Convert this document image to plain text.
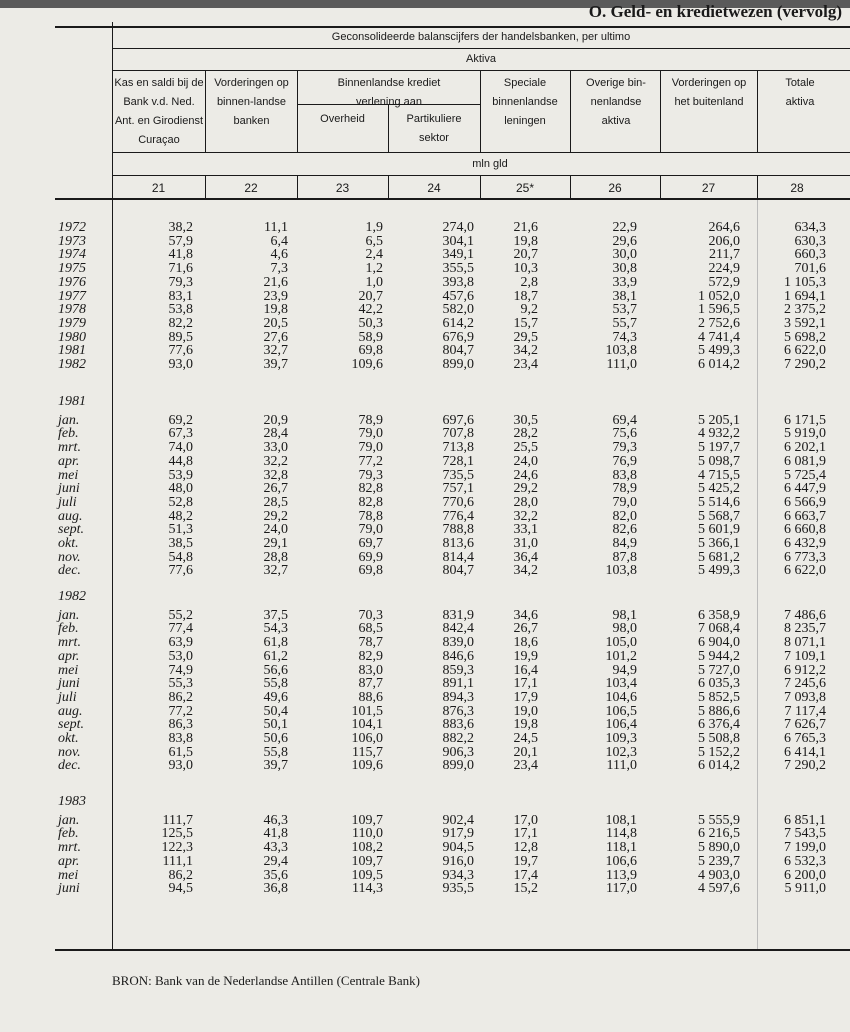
O. Geld- en kredietwezen (vervolg)
Geconsolideerde balanscijfers der handelsbanken, per ultimo
Aktiva
Kas en saldi bij de Bank v.d. Ned. Ant. en Girodienst Curaçao
Vorderingen op binnen-landse banken
Binnenlandse krediet verlening aan
Overheid	Partikuliere sektor
Speciale binnenlandse leningen
Overige bin-nenlandse aktiva
Vorderingen op het buitenland
Totale aktiva
mln gld
21	22	23	24	25*	26	27	28
1972	38,2	11,1	1,9	274,0	21,6	22,9	264,6	634,3
1973	57,9	6,4	6,5	304,1	19,8	29,6	206,0	630,3
1974	41,8	4,6	2,4	349,1	20,7	30,0	211,7	660,3
1975	71,6	7,3	1,2	355,5	10,3	30,8	224,9	701,6
1976	79,3	21,6	1,0	393,8	2,8	33,9	572,9	1 105,3
1977	83,1	23,9	20,7	457,6	18,7	38,1	1 052,0	1 694,1
1978	53,8	19,8	42,2	582,0	9,2	53,7	1 596,5	2 375,2
1979	82,2	20,5	50,3	614,2	15,7	55,7	2 752,6	3 592,1
1980	89,5	27,6	58,9	676,9	29,5	74,3	4 741,4	5 698,2
1981	77,6	32,7	69,8	804,7	34,2	103,8	5 499,3	6 622,0
1982	93,0	39,7	109,6	899,0	23,4	111,0	6 014,2	7 290,2
1981
jan.	69,2	20,9	78,9	697,6	30,5	69,4	5 205,1	6 171,5
feb.	67,3	28,4	79,0	707,8	28,2	75,6	4 932,2	5 919,0
mrt.	74,0	33,0	79,0	713,8	25,5	79,3	5 197,7	6 202,1
apr.	44,8	32,2	77,2	728,1	24,0	76,9	5 098,7	6 081,9
mei	53,9	32,8	79,3	735,5	24,6	83,8	4 715,5	5 725,4
juni	48,0	26,7	82,8	757,1	29,2	78,9	5 425,2	6 447,9
juli	52,8	28,5	82,8	770,6	28,0	79,0	5 514,6	6 566,9
aug.	48,2	29,2	78,8	776,4	32,2	82,0	5 568,7	6 663,7
sept.	51,3	24,0	79,0	788,8	33,1	82,6	5 601,9	6 660,8
okt.	38,5	29,1	69,7	813,6	31,0	84,9	5 366,1	6 432,9
nov.	54,8	28,8	69,9	814,4	36,4	87,8	5 681,2	6 773,3
dec.	77,6	32,7	69,8	804,7	34,2	103,8	5 499,3	6 622,0
1982
jan.	55,2	37,5	70,3	831,9	34,6	98,1	6 358,9	7 486,6
feb.	77,4	54,3	68,5	842,4	26,7	98,0	7 068,4	8 235,7
mrt.	63,9	61,8	78,7	839,0	18,6	105,0	6 904,0	8 071,1
apr.	53,0	61,2	82,9	846,6	19,9	101,2	5 944,2	7 109,1
mei	74,9	56,6	83,0	859,3	16,4	94,9	5 727,0	6 912,2
juni	55,3	55,8	87,7	891,1	17,1	103,4	6 035,3	7 245,6
juli	86,2	49,6	88,6	894,3	17,9	104,6	5 852,5	7 093,8
aug.	77,2	50,4	101,5	876,3	19,0	106,5	5 886,6	7 117,4
sept.	86,3	50,1	104,1	883,6	19,8	106,4	6 376,4	7 626,7
okt.	83,8	50,6	106,0	882,2	24,5	109,3	5 508,8	6 765,3
nov.	61,5	55,8	115,7	906,3	20,1	102,3	5 152,2	6 414,1
dec.	93,0	39,7	109,6	899,0	23,4	111,0	6 014,2	7 290,2
1983
jan.	111,7	46,3	109,7	902,4	17,0	108,1	5 555,9	6 851,1
feb.	125,5	41,8	110,0	917,9	17,1	114,8	6 216,5	7 543,5
mrt.	122,3	43,3	108,2	904,5	12,8	118,1	5 890,0	7 199,0
apr.	111,1	29,4	109,7	916,0	19,7	106,6	5 239,7	6 532,3
mei	86,2	35,6	109,5	934,3	17,4	113,9	4 903,0	6 200,0
juni	94,5	36,8	114,3	935,5	15,2	117,0	4 597,6	5 911,0
BRON: Bank van de Nederlandse Antillen (Centrale Bank)
